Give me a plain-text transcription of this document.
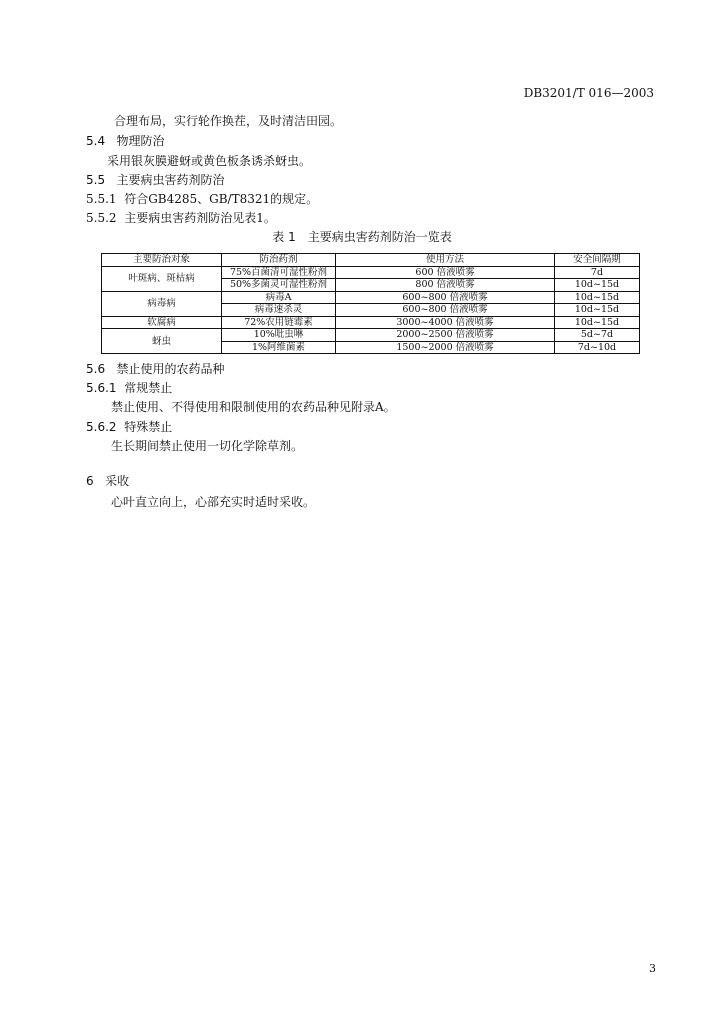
DB3201/T 016—2003
合理布局，实行轮作换茬，及时清洁田园。
5.4 物理防治
采用银灰膜避蚜或黄色板条诱杀蚜虫。
5.5 主要病虫害药剂防治
5.5.1 符合GB4285、GB/T8321的规定。
5.5.2 主要病虫害药剂防治见表1。
表 1　主要病虫害药剂防治一览表
主要防治对象	防治药剂	使用方法	安全间隔期
叶斑病、斑枯病	75%百菌清可湿性粉剂	600 倍液喷雾	7d
	50%多菌灵可湿性粉剂	800 倍液喷雾	10d~15d
病毒病	病毒A	600~800 倍液喷雾	10d~15d
	病毒速杀灵	600~800 倍液喷雾	10d~15d
软腐病	72%农用链霉素	3000~4000 倍液喷雾	10d~15d
蚜虫	10%吡虫啉	2000~2500 倍液喷雾	5d~7d
	1%阿维菌素	1500~2000 倍液喷雾	7d~10d
5.6 禁止使用的农药品种
5.6.1 常规禁止
禁止使用、不得使用和限制使用的农药品种见附录A。
5.6.2 特殊禁止
生长期间禁止使用一切化学除草剂。
6 采收
心叶直立向上，心部充实时适时采收。
3
